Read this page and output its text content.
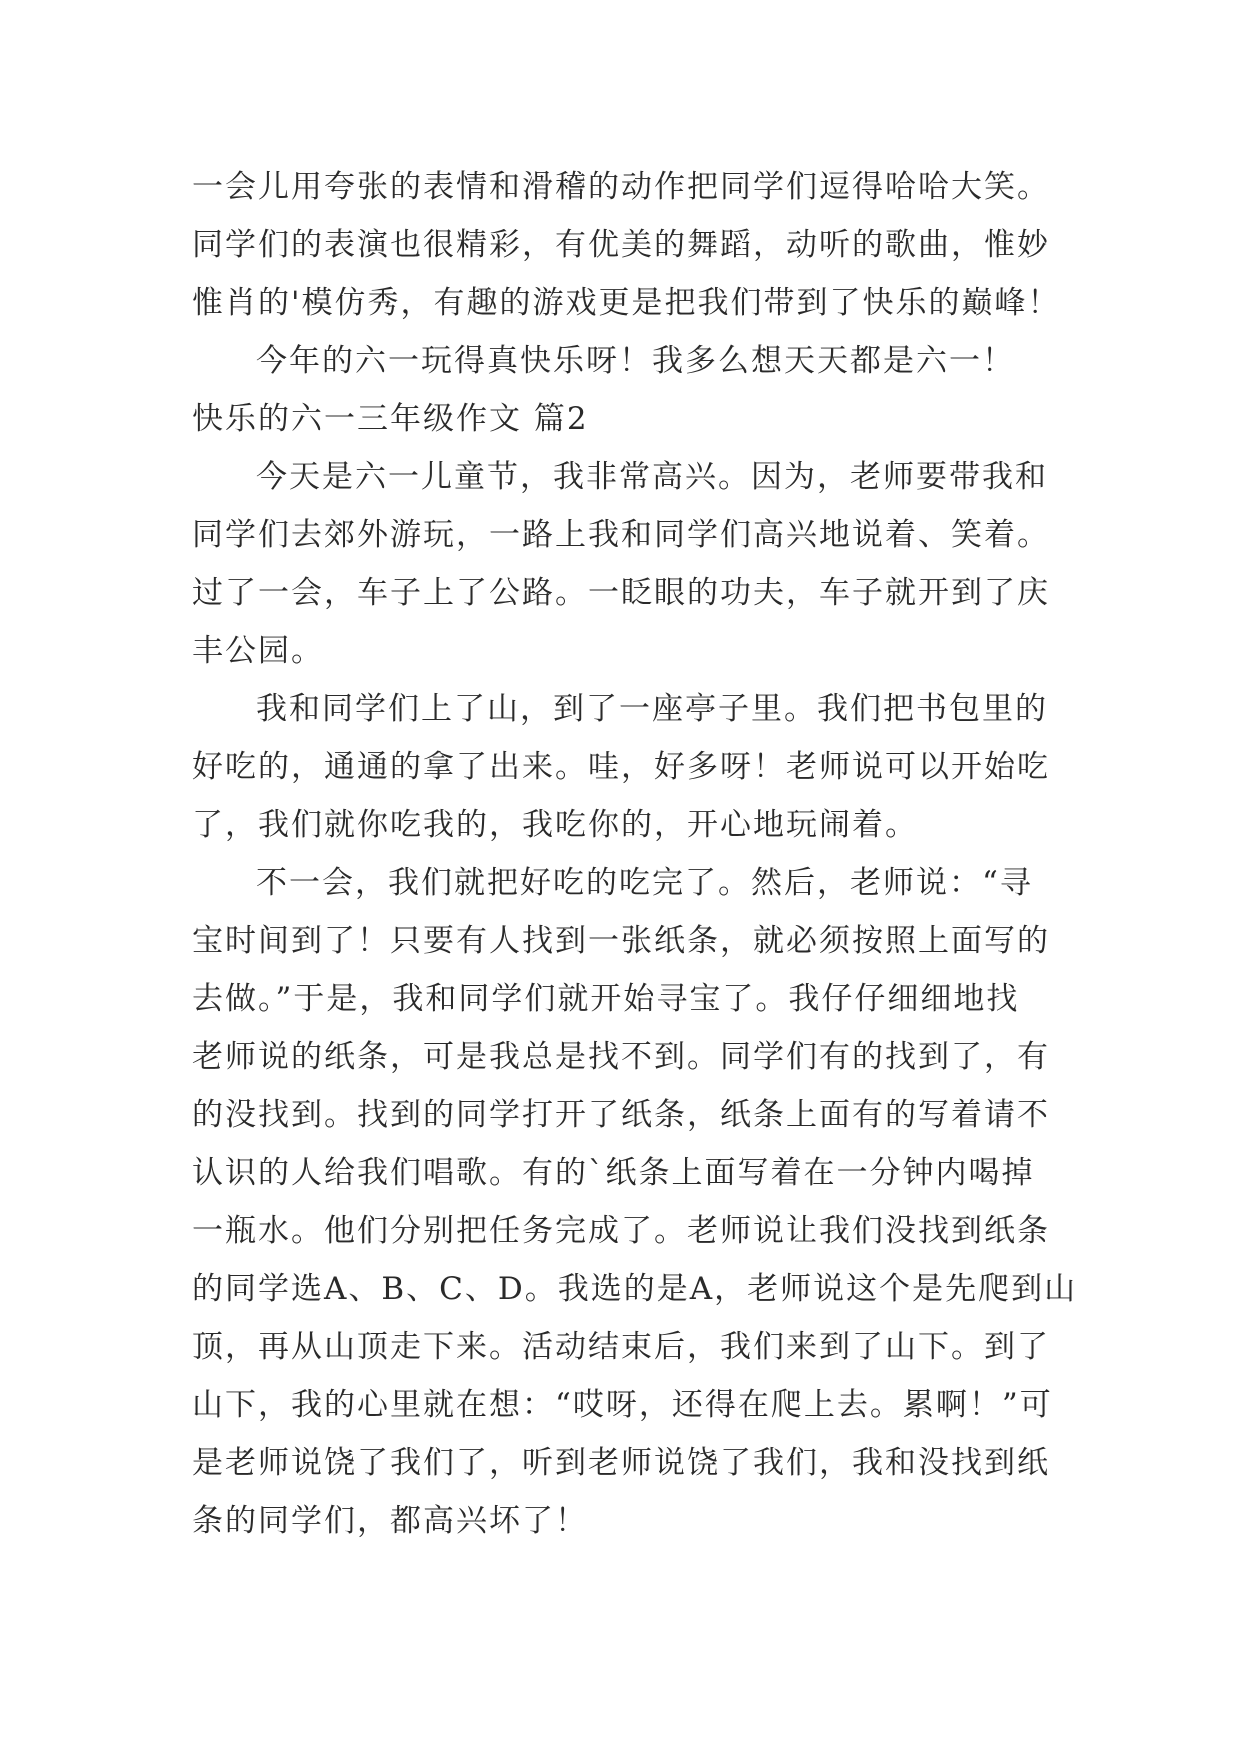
一会儿用夸张的表情和滑稽的动作把同学们逗得哈哈大笑。
同学们的表演也很精彩，有优美的舞蹈，动听的歌曲，惟妙
惟肖的'模仿秀，有趣的游戏更是把我们带到了快乐的巅峰！
今年的六一玩得真快乐呀！我多么想天天都是六一！
快乐的六一三年级作文 篇2
今天是六一儿童节，我非常高兴。因为，老师要带我和
同学们去郊外游玩，一路上我和同学们高兴地说着、笑着。
过了一会，车子上了公路。一眨眼的功夫，车子就开到了庆
丰公园。
我和同学们上了山，到了一座亭子里。我们把书包里的
好吃的，通通的拿了出来。哇，好多呀！老师说可以开始吃
了，我们就你吃我的，我吃你的，开心地玩闹着。
不一会，我们就把好吃的吃完了。然后，老师说：“寻
宝时间到了！只要有人找到一张纸条，就必须按照上面写的
去做。”于是，我和同学们就开始寻宝了。我仔仔细细地找
老师说的纸条，可是我总是找不到。同学们有的找到了，有
的没找到。找到的同学打开了纸条，纸条上面有的写着请不
认识的人给我们唱歌。有的`纸条上面写着在一分钟内喝掉
一瓶水。他们分别把任务完成了。老师说让我们没找到纸条
的同学选A、B、C、D。我选的是A，老师说这个是先爬到山
顶，再从山顶走下来。活动结束后，我们来到了山下。到了
山下，我的心里就在想：“哎呀，还得在爬上去。累啊！”可
是老师说饶了我们了，听到老师说饶了我们，我和没找到纸
条的同学们，都高兴坏了！
